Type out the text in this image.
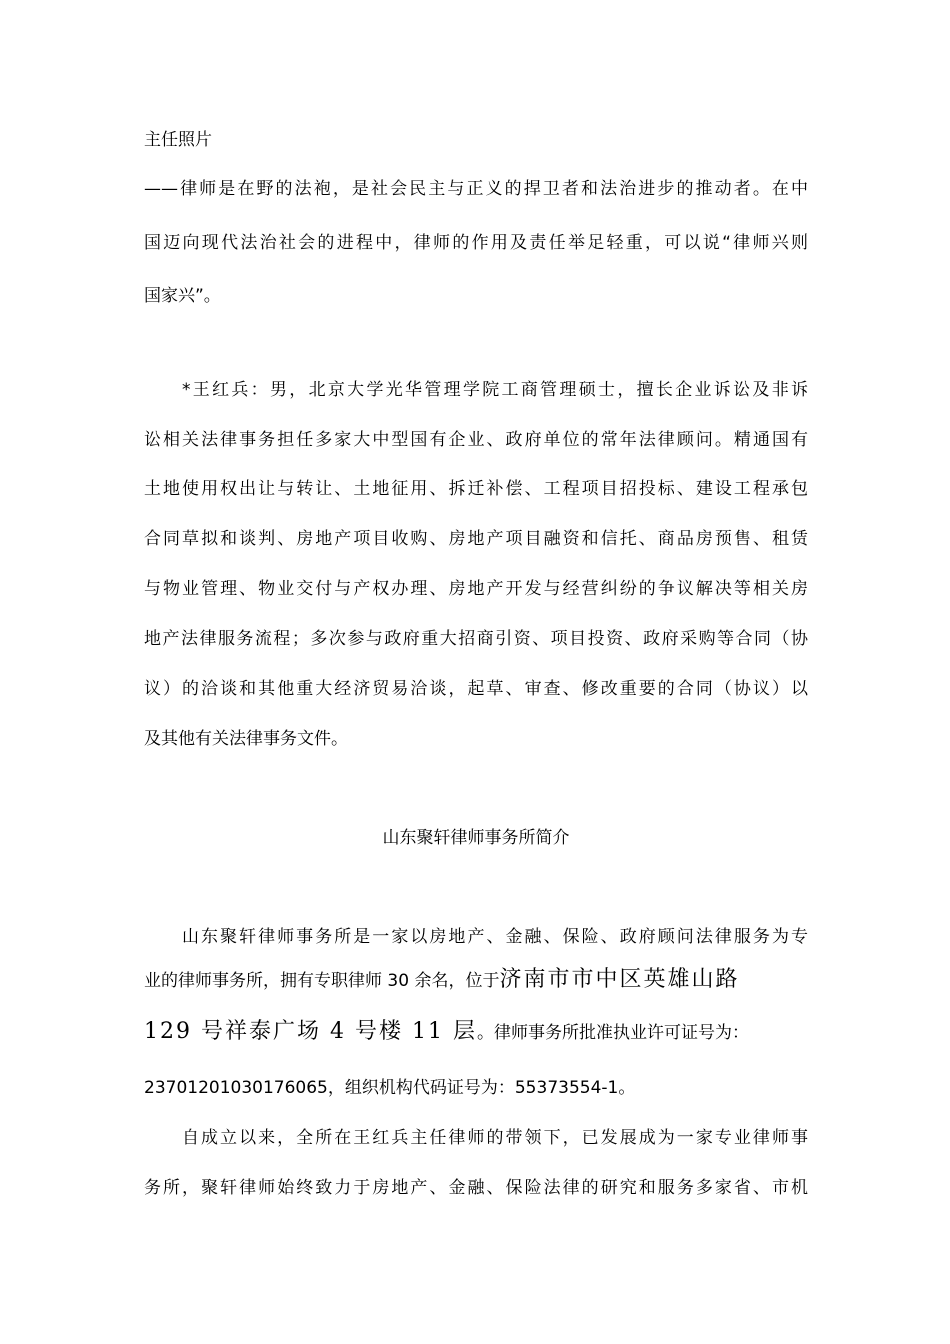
主任照片
——律师是在野的法袍，是社会民主与正义的捍卫者和法治进步的推动者。在中
国迈向现代法治社会的进程中，律师的作用及责任举足轻重，可以说“律师兴则
国家兴”。
*王红兵：男，北京大学光华管理学院工商管理硕士，擅长企业诉讼及非诉
讼相关法律事务担任多家大中型国有企业、政府单位的常年法律顾问。精通国有
土地使用权出让与转让、土地征用、拆迁补偿、工程项目招投标、建设工程承包
合同草拟和谈判、房地产项目收购、房地产项目融资和信托、商品房预售、租赁
与物业管理、物业交付与产权办理、房地产开发与经营纠纷的争议解决等相关房
地产法律服务流程；多次参与政府重大招商引资、项目投资、政府采购等合同（协
议）的洽谈和其他重大经济贸易洽谈，起草、审查、修改重要的合同（协议）以
及其他有关法律事务文件。
山东聚轩律师事务所简介
山东聚轩律师事务所是一家以房地产、金融、保险、政府顾问法律服务为专
业的律师事务所，拥有专职律师 30 余名，位于济南市市中区英雄山路
129 号祥泰广场 4 号楼 11 层。律师事务所批准执业许可证号为：
23701201030176065，组织机构代码证号为：55373554-1。
自成立以来，全所在王红兵主任律师的带领下，已发展成为一家专业律师事
务所，聚轩律师始终致力于房地产、金融、保险法律的研究和服务多家省、市机
